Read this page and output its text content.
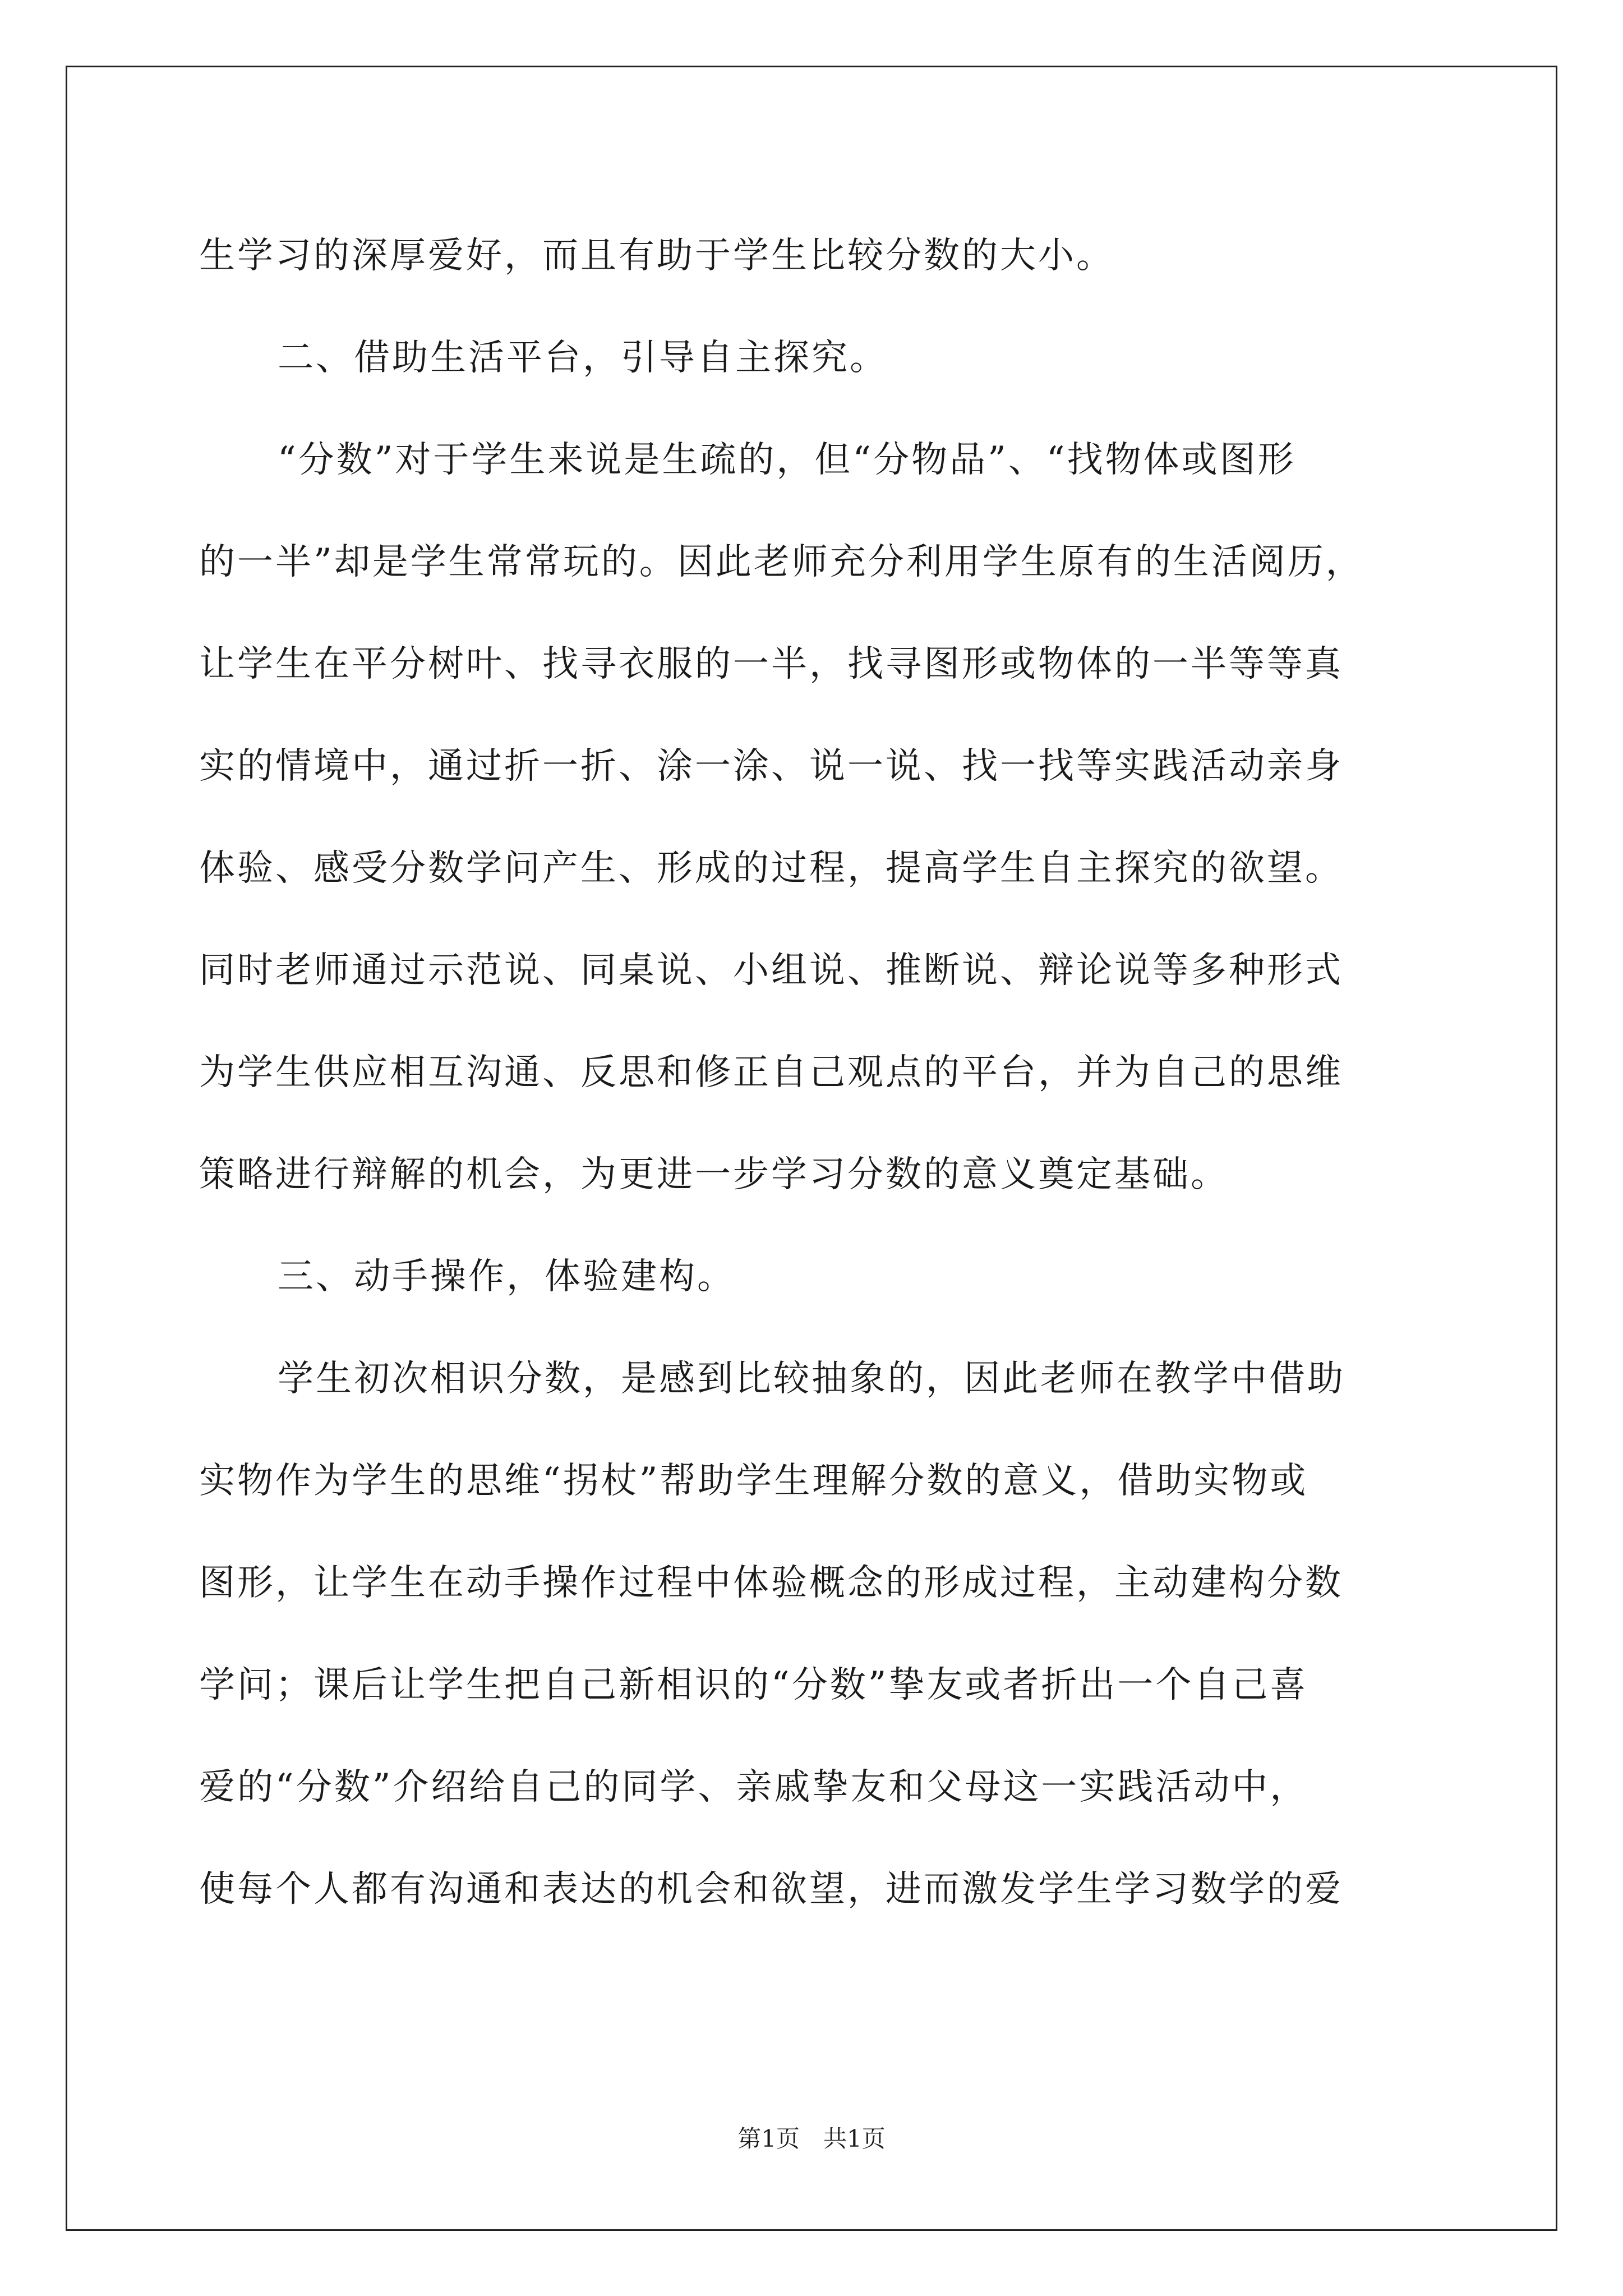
生学习的深厚爱好，而且有助于学生比较分数的大小。
二、借助生活平台，引导自主探究。
“分数”对于学生来说是生疏的，但“分物品”、“找物体或图形
的一半”却是学生常常玩的。因此老师充分利用学生原有的生活阅历，
让学生在平分树叶、找寻衣服的一半，找寻图形或物体的一半等等真
实的情境中，通过折一折、涂一涂、说一说、找一找等实践活动亲身
体验、感受分数学问产生、形成的过程，提高学生自主探究的欲望。
同时老师通过示范说、同桌说、小组说、推断说、辩论说等多种形式
为学生供应相互沟通、反思和修正自己观点的平台，并为自己的思维
策略进行辩解的机会，为更进一步学习分数的意义奠定基础。
三、动手操作，体验建构。
学生初次相识分数，是感到比较抽象的，因此老师在教学中借助
实物作为学生的思维“拐杖”帮助学生理解分数的意义，借助实物或
图形，让学生在动手操作过程中体验概念的形成过程，主动建构分数
学问；课后让学生把自己新相识的“分数”挚友或者折出一个自己喜
爱的“分数”介绍给自己的同学、亲戚挚友和父母这一实践活动中，
使每个人都有沟通和表达的机会和欲望，进而激发学生学习数学的爱
第1页　共1页
